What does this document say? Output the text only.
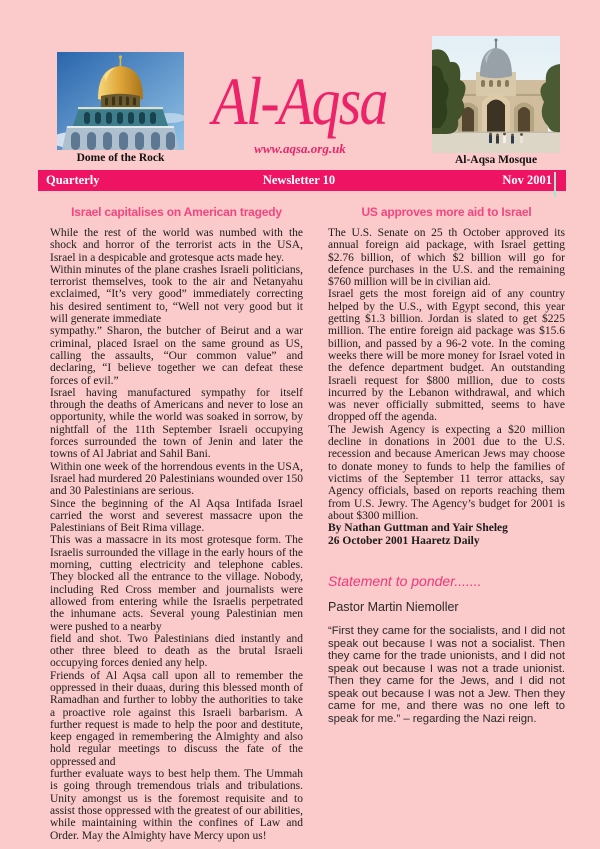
Dome of the Rock
Al-Aqsa
www.aqsa.org.uk
Al-Aqsa Mosque
Quarterly	Newsletter 10	Nov 2001
Israel capitalises on American tragedy

While the rest of the world was numbed with the shock and horror of the terrorist acts in the USA, Israel in a despicable and grotesque acts made hey.

Within minutes of the plane crashes Israeli politicians, terrorist themselves, took to the air and Netanyahu exclaimed, “It’s very good” immediately correcting his desired sentiment to, “Well not very good but it will generate immediate

sympathy.” Sharon, the butcher of Beirut and a war criminal, placed Israel on the same ground as US, calling the assaults, “Our common value” and declaring, “I believe together we can defeat these forces of evil.”

Israel having manufactured sympathy for itself through the deaths of Americans and never to lose an opportunity, while the world was soaked in sorrow, by nightfall of the 11th September Israeli occupying forces surrounded the town of Jenin and later the towns of Al Jabriat and Sahil Bani.

Within one week of the horrendous events in the USA, Israel had murdered 20 Palestinians wounded over 150 and 30 Palestinians are serious.

Since the beginning of the Al Aqsa Intifada Israel carried the worst and severest massacre upon the Palestinians of Beit Rima village.

This was a massacre in its most grotesque form. The Israelis surrounded the village in the early hours of the morning, cutting electricity and telephone cables. They blocked all the entrance to the village. Nobody, including Red Cross member and journalists were allowed from entering while the Israelis perpetrated the inhumane acts. Several young Palestinian men were pushed to a nearby

field and shot. Two Palestinians died instantly and other three bleed to death as the brutal Israeli occupying forces denied any help.

Friends of Al Aqsa call upon all to remember the oppressed in their duaas, during this blessed month of Ramadhan and further to lobby the authorities to take a proactive role against this Israeli barbarism. A further request is made to help the poor and destitute, keep engaged in remembering the Almighty and also hold regular meetings to discuss the fate of the oppressed and

further evaluate ways to best help them. The Ummah is going through tremendous trials and tribulations. Unity amongst us is the foremost requisite and to assist those oppressed with the greatest of our abilities, while maintaining within the confines of Law and Order. May the Almighty have Mercy upon us!

US approves more aid to Israel

The U.S. Senate on 25 th October approved its annual foreign aid package, with Israel getting $2.76 billion, of which $2 billion will go for defence purchases in the U.S. and the remaining $760 million will be in civilian aid.

Israel gets the most foreign aid of any country helped by the U.S., with Egypt second, this year getting $1.3 billion. Jordan is slated to get $225 million. The entire foreign aid package was $15.6 billion, and passed by a 96-2 vote. In the coming weeks there will be more money for Israel voted in the defence department budget. An outstanding Israeli request for $800 million, due to costs incurred by the Lebanon withdrawal, and which was never officially submitted, seems to have dropped off the agenda.

The Jewish Agency is expecting a $20 million decline in donations in 2001 due to the U.S. recession and because American Jews may choose to donate money to funds to help the families of victims of the September 11 terror attacks, say Agency officials, based on reports reaching them from U.S. Jewry. The Agency’s budget for 2001 is about $300 million.

By Nathan Guttman and Yair Sheleg

26 October 2001 Haaretz Daily

Statement to ponder.......
Pastor Martin Niemoller

“First they came for the socialists, and I did not speak out because I was not a socialist. Then they came for the trade unionists, and I did not speak out because I was not a trade unionist. Then they came for the Jews, and I did not speak out because I was not a Jew. Then they came for me, and there was no one left to speak for me.” – regarding the Nazi reign.
